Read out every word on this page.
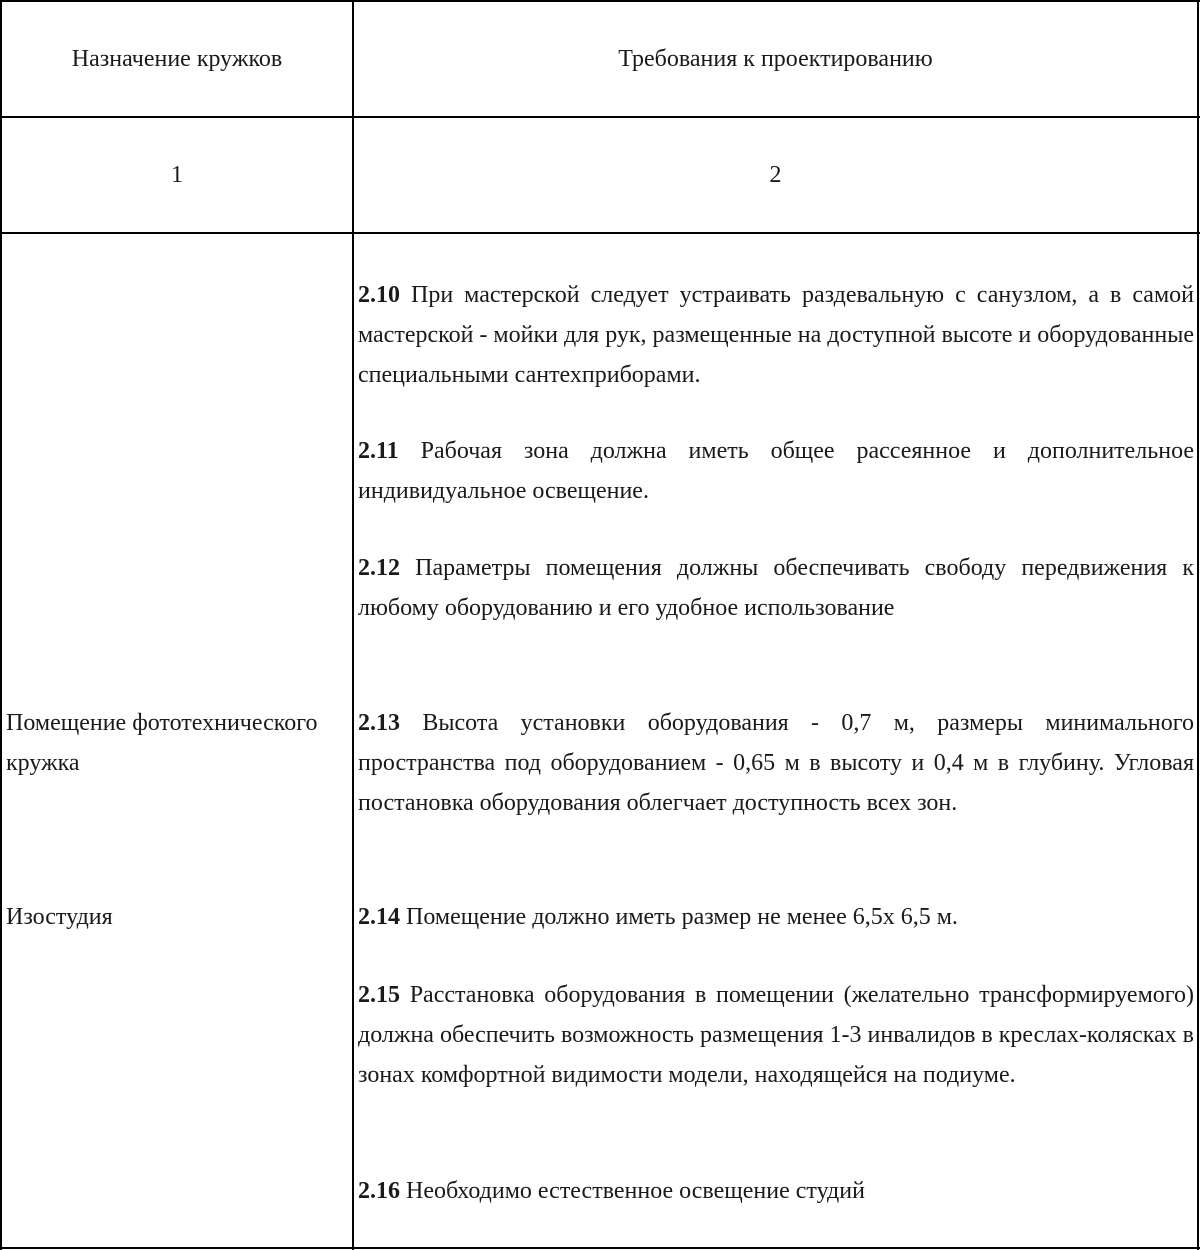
Назначение кружков	Требования к проектированию
1	2
Помещение фототехнического кружка
Изостудия
2.10 При мастерской следует устраивать раздевальную с санузлом, а в самой мастерской - мойки для рук, размещенные на доступной высоте и оборудованные специальными сантехприборами.
2.11 Рабочая зона должна иметь общее рассеянное и дополнительное индивидуальное освещение.
2.12 Параметры помещения должны обеспечивать свободу передвижения к любому оборудованию и его удобное использование
2.13 Высота установки оборудования - 0,7 м, размеры минимального пространства под оборудованием - 0,65 м в высоту и 0,4 м в глубину. Угловая постановка оборудования облегчает доступность всех зон.
2.14 Помещение должно иметь размер не менее 6,5х 6,5 м.
2.15 Расстановка оборудования в помещении (желательно трансформируемого) должна обеспечить возможность размещения 1-3 инвалидов в креслах-колясках в зонах комфортной видимости модели, находящейся на подиуме.
2.16 Необходимо естественное освещение студий
